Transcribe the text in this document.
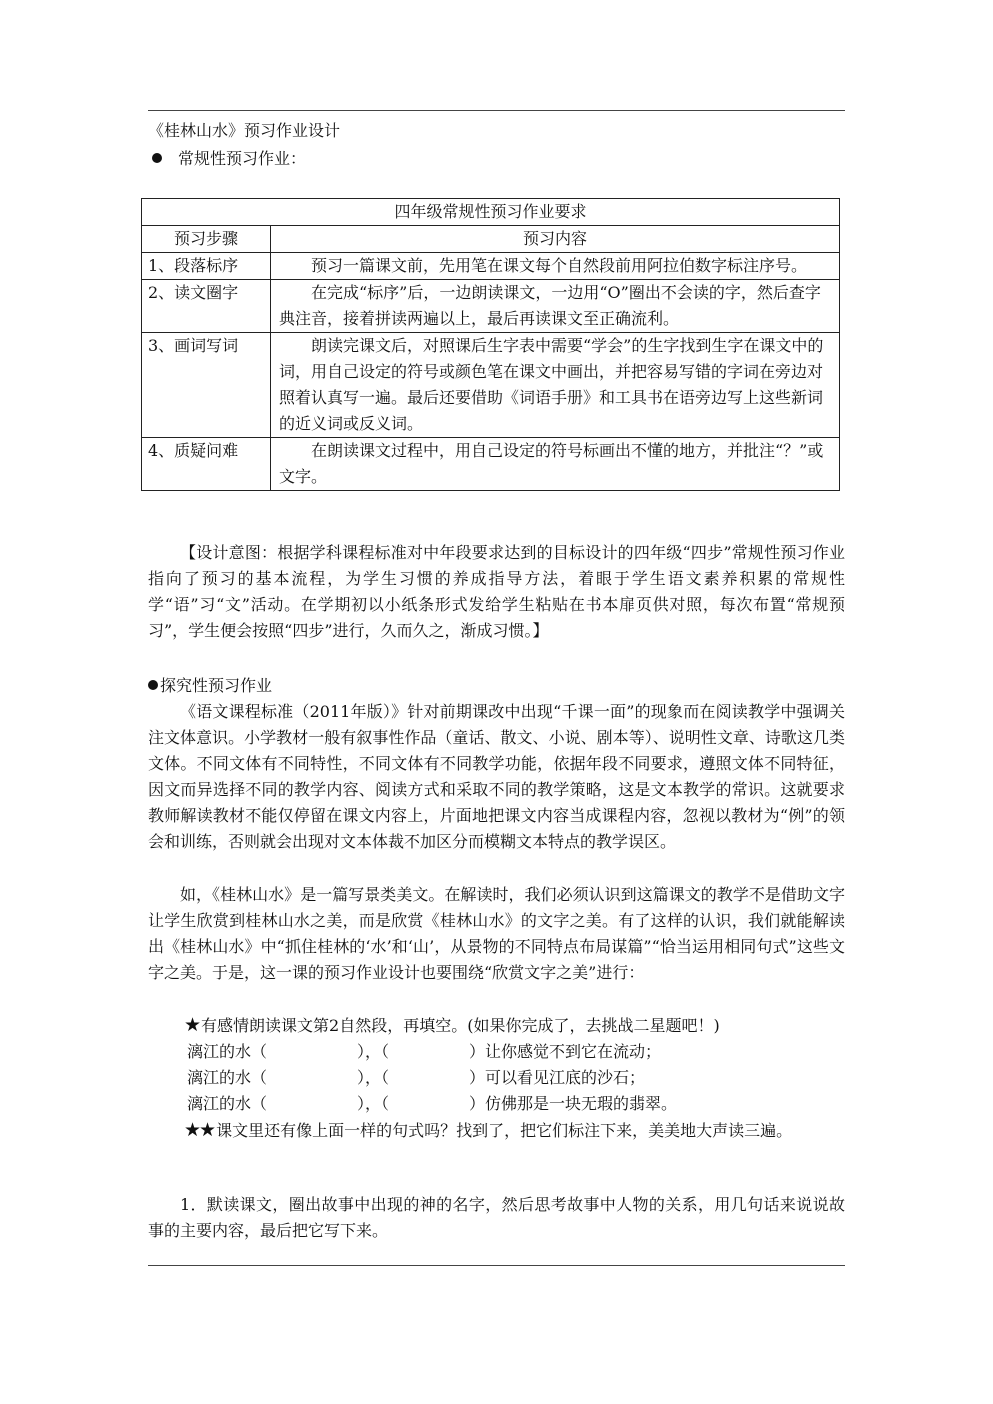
《桂林山水》预习作业设计
常规性预习作业：
四年级常规性预习作业要求	
预习步骤	预习内容
1、段落标序	预习一篇课文前，先用笔在课文每个自然段前用阿拉伯数字标注序号。
2、读文圈字	在完成“标序”后，一边朗读课文，一边用“O”圈出不会读的字，然后查字典注音，接着拼读两遍以上，最后再读课文至正确流利。
3、画词写词	朗读完课文后，对照课后生字表中需要“学会”的生字找到生字在课文中的词，用自己设定的符号或颜色笔在课文中画出，并把容易写错的字词在旁边对照着认真写一遍。最后还要借助《词语手册》和工具书在语旁边写上这些新词的近义词或反义词。
4、质疑问难	在朗读课文过程中，用自己设定的符号标画出不懂的地方，并批注“？”或文字。
【设计意图：根据学科课程标准对中年段要求达到的目标设计的四年级“四步”常规性预习作业指向了预习的基本流程，为学生习惯的养成指导方法，着眼于学生语文素养积累的常规性学“语”习“文”活动。在学期初以小纸条形式发给学生粘贴在书本扉页供对照，每次布置“常规预习”，学生便会按照“四步”进行，久而久之，渐成习惯。】
探究性预习作业
《语文课程标准（2011年版）》针对前期课改中出现“千课一面”的现象而在阅读教学中强调关注文体意识。小学教材一般有叙事性作品（童话、散文、小说、剧本等）、说明性文章、诗歌这几类文体。不同文体有不同特性，不同文体有不同教学功能，依据年段不同要求，遵照文体不同特征，因文而异选择不同的教学内容、阅读方式和采取不同的教学策略，这是文本教学的常识。这就要求教师解读教材不能仅停留在课文内容上，片面地把课文内容当成课程内容，忽视以教材为“例”的领会和训练，否则就会出现对文本体裁不加区分而模糊文本特点的教学误区。
如，《桂林山水》是一篇写景类美文。在解读时，我们必须认识到这篇课文的教学不是借助文字让学生欣赏到桂林山水之美，而是欣赏《桂林山水》的文字之美。有了这样的认识，我们就能解读出《桂林山水》中“抓住桂林的‘水’和‘山’，从景物的不同特点布局谋篇”“恰当运用相同句式”这些文字之美。于是，这一课的预习作业设计也要围绕“欣赏文字之美”进行：
★ 有感情朗读课文第2自然段，再填空。(如果你完成了，去挑战二星题吧！)
漓江的水（	），（	）让你感觉不到它在流动；
漓江的水（	），（	）可以看见江底的沙石；
漓江的水（	），（	）仿佛那是一块无瑕的翡翠。
★★ 课文里还有像上面一样的句式吗？找到了，把它们标注下来，美美地大声读三遍。
1．默读课文，圈出故事中出现的神的名字，然后思考故事中人物的关系，用几句话来说说故事的主要内容，最后把它写下来。
